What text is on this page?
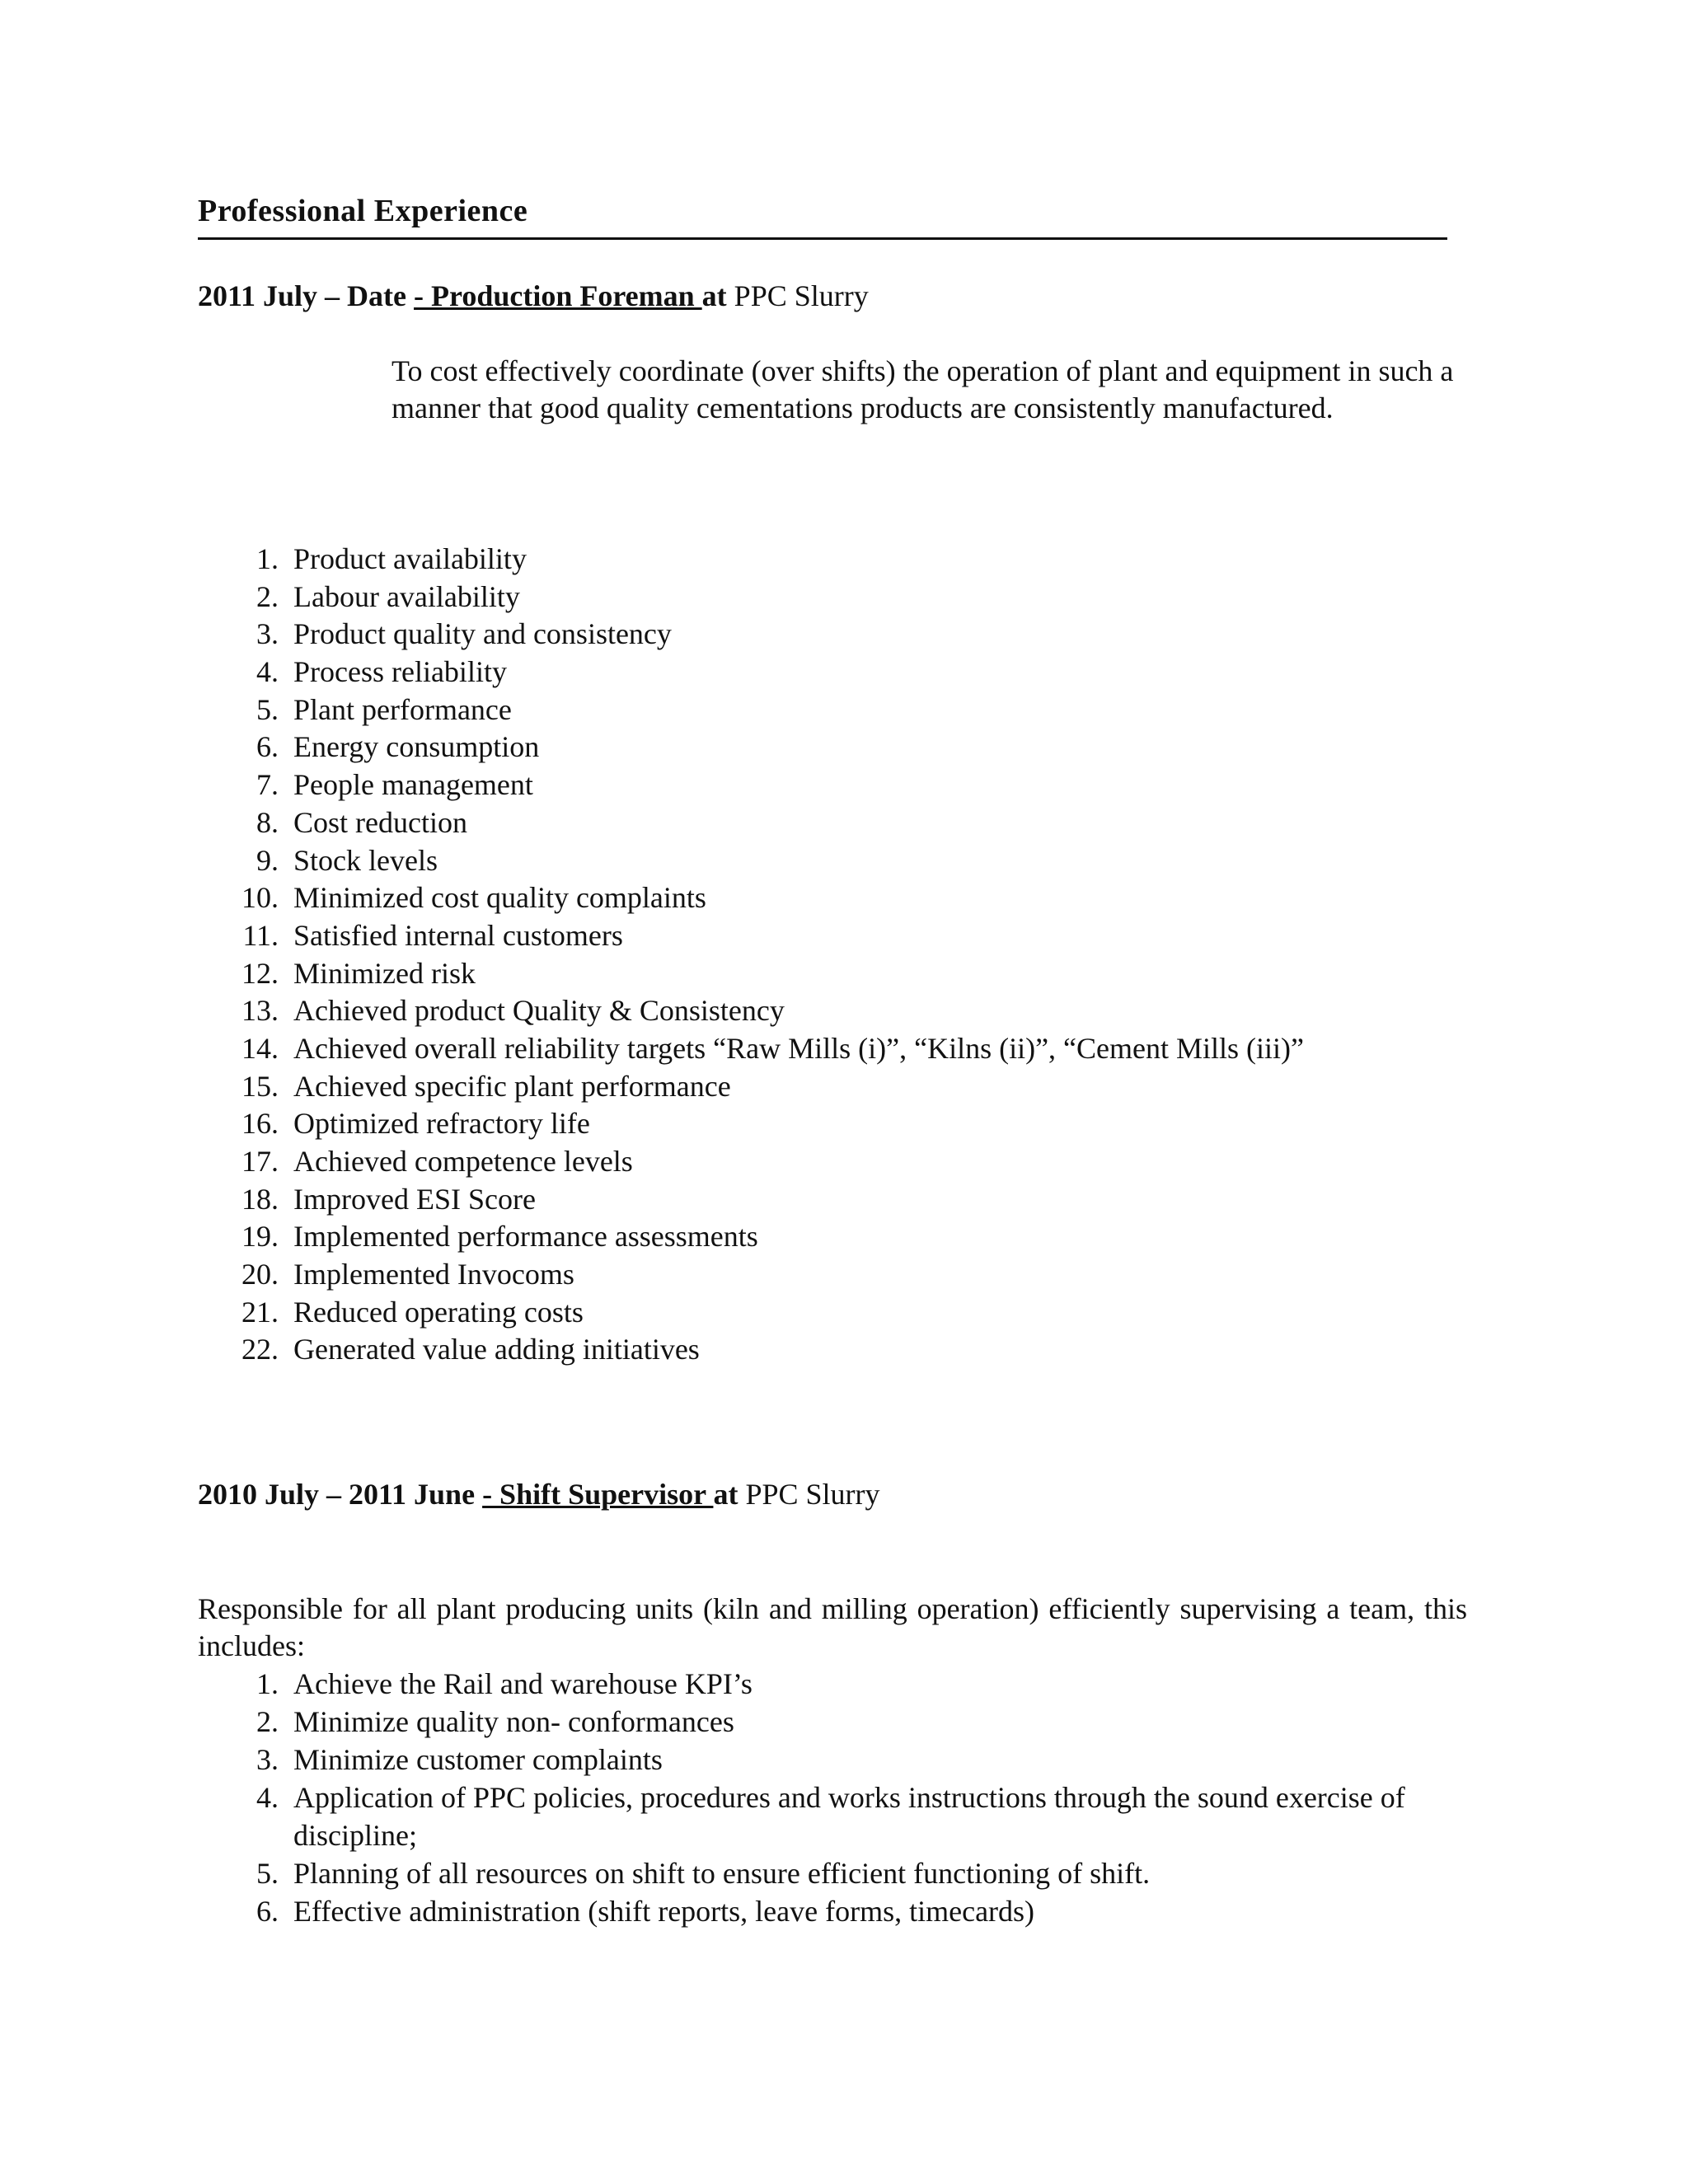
Professional Experience
2011 July – Date - Production Foreman at PPC Slurry
To cost effectively coordinate (over shifts) the operation of plant and equipment in such a manner that good quality cementations products are consistently manufactured.
1. Product availability
2. Labour availability
3. Product quality and consistency
4. Process reliability
5. Plant performance
6. Energy consumption
7. People management
8. Cost reduction
9. Stock levels
10. Minimized cost quality complaints
11. Satisfied internal customers
12. Minimized risk
13. Achieved product Quality & Consistency
14. Achieved overall reliability targets “Raw Mills (i)”, “Kilns (ii)”, “Cement Mills (iii)”
15. Achieved specific plant performance
16. Optimized refractory life
17. Achieved competence levels
18. Improved ESI Score
19. Implemented performance assessments
20. Implemented Invocoms
21. Reduced operating costs
22. Generated value adding initiatives
2010 July – 2011 June - Shift Supervisor at PPC Slurry
Responsible for all plant producing units (kiln and milling operation) efficiently supervising a team, this includes:
1. Achieve the Rail and warehouse KPI’s
2. Minimize quality non- conformances
3. Minimize customer complaints
4. Application of PPC policies, procedures and works instructions through the sound exercise of discipline;
5. Planning of all resources on shift to ensure efficient functioning of shift.
6. Effective administration (shift reports, leave forms, timecards)
